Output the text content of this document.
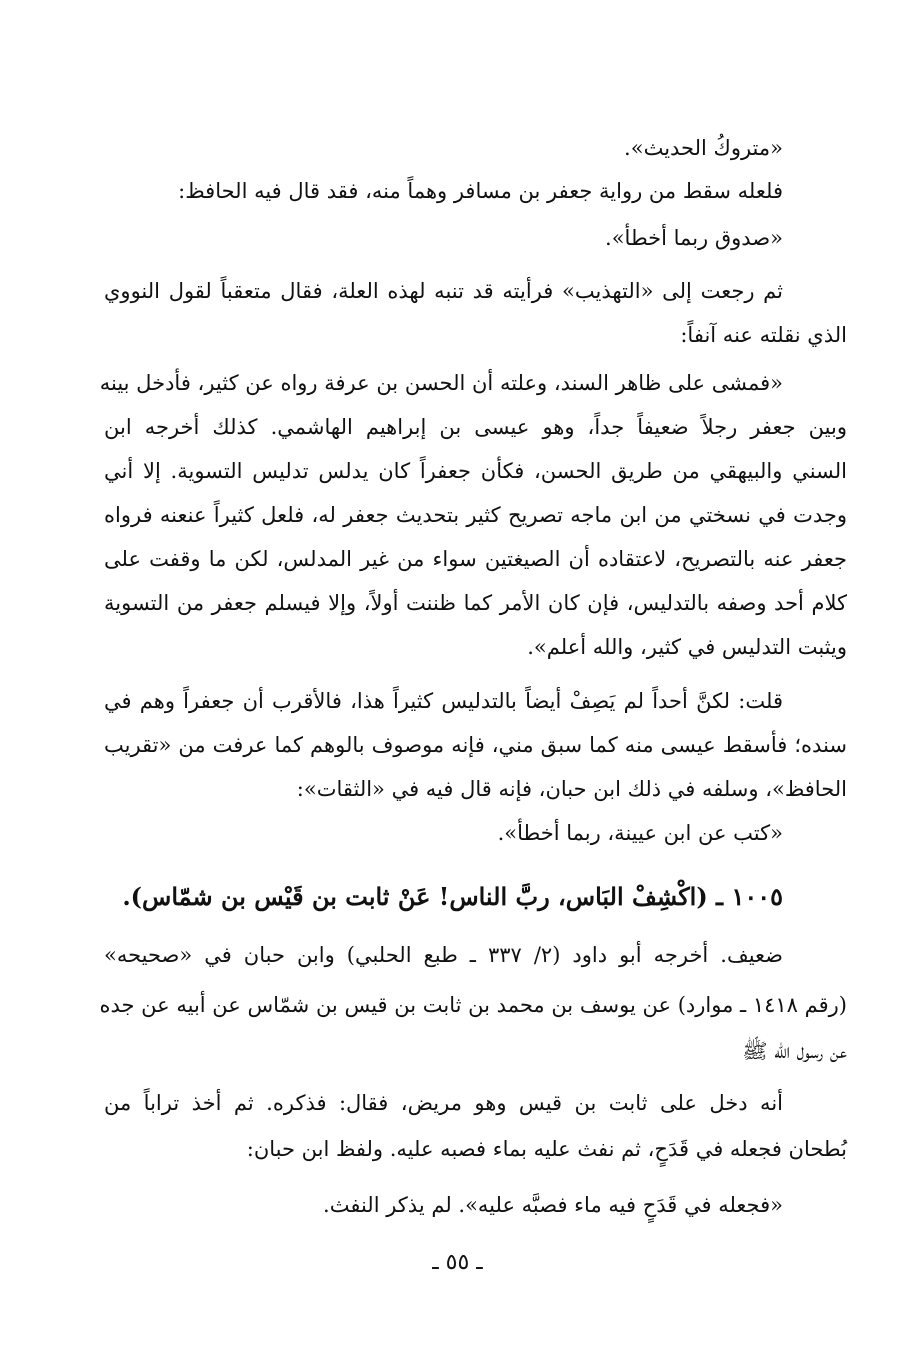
«متروكُ الحديث».
فلعله سقط من رواية جعفر بن مسافر وهماً منه، فقد قال فيه الحافظ:
«صدوق ربما أخطأ».
ثم رجعت إلى «التهذيب» فرأيته قد تنبه لهذه العلة، فقال متعقباً لقول النووي
الذي نقلته عنه آنفاً:
«فمشى على ظاهر السند، وعلته أن الحسن بن عرفة رواه عن كثير، فأدخل بينه
وبين جعفر رجلاً ضعيفاً جداً، وهو عيسى بن إبراهيم الهاشمي. كذلك أخرجه ابن
السني والبيهقي من طريق الحسن، فكأن جعفراً كان يدلس تدليس التسوية. إلا أني
وجدت في نسختي من ابن ماجه تصريح كثير بتحديث جعفر له، فلعل كثيراً عنعنه فرواه
جعفر عنه بالتصريح، لاعتقاده أن الصيغتين سواء من غير المدلس، لكن ما وقفت على
كلام أحد وصفه بالتدليس، فإن كان الأمر كما ظننت أولاً، وإلا فيسلم جعفر من التسوية
ويثبت التدليس في كثير، والله أعلم».
قلت: لكنَّ أحداً لم يَصِفْ أيضاً بالتدليس كثيراً هذا، فالأقرب أن جعفراً وهم في
سنده؛ فأسقط عيسى منه كما سبق مني، فإنه موصوف بالوهم كما عرفت من «تقريب
الحافظ»، وسلفه في ذلك ابن حبان، فإنه قال فيه في «الثقات»:
«كتب عن ابن عيينة، ربما أخطأ».
١٠٠٥ ـ (اكْشِفْ البَاس، ربَّ الناس! عَنْ ثابت بن قَيْس بن شمّاس).
ضعيف. أخرجه أبو داود (٢/ ٣٣٧ ـ طبع الحلبي) وابن حبان في «صحيحه»
(رقم ١٤١٨ ـ موارد) عن يوسف بن محمد بن ثابت بن قيس بن شمّاس عن أبيه عن جده
عن رسول الله ﷺ
أنه دخل على ثابت بن قيس وهو مريض، فقال: فذكره. ثم أخذ تراباً من
بُطحان فجعله في قَدَحٍ، ثم نفث عليه بماء فصبه عليه. ولفظ ابن حبان:
«فجعله في قَدَحٍ فيه ماء فصبَّه عليه». لم يذكر النفث.
ـ ٥٥ ـ
